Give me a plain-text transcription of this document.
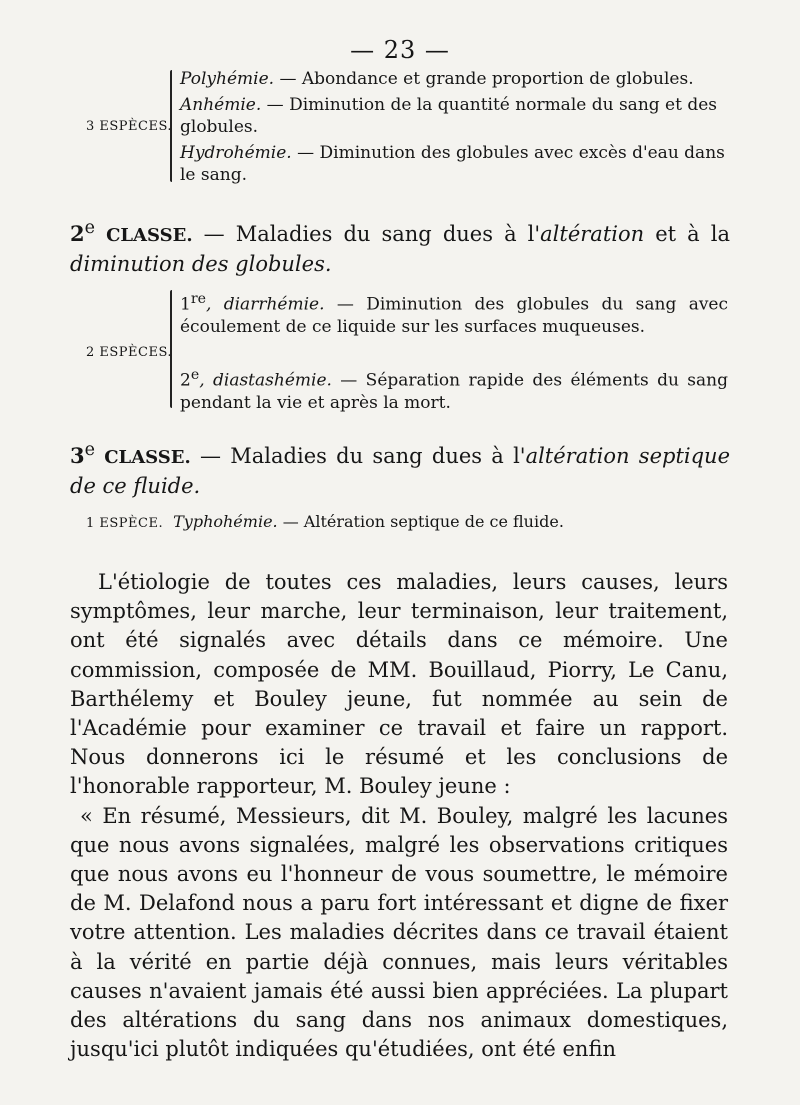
— 23 —
3 ESPÈCES.
Polyhémie. — Abondance et grande proportion de globules.
Anhémie. — Diminution de la quantité normale du sang et des globules.
Hydrohémie. — Diminution des globules avec excès d'eau dans le sang.
2e CLASSE. — Maladies du sang dues à l'altération et à la diminution des globules.
2 ESPÈCES.
1re, diarrhémie. — Diminution des globules du sang avec écoulement de ce liquide sur les surfaces muqueuses.
2e, diastashémie. — Séparation rapide des éléments du sang pendant la vie et après la mort.
3e CLASSE. — Maladies du sang dues à l'altération septique de ce fluide.
1 ESPÈCE. Typhohémie. — Altération septique de ce fluide.

L'étiologie de toutes ces maladies, leurs causes, leurs symptômes, leur marche, leur terminaison, leur traitement, ont été signalés avec détails dans ce mémoire. Une commission, composée de MM. Bouillaud, Piorry, Le Canu, Barthélemy et Bouley jeune, fut nommée au sein de l'Académie pour examiner ce travail et faire un rapport. Nous donnerons ici le résumé et les conclusions de l'honorable rapporteur, M. Bouley jeune :

« En résumé, Messieurs, dit M. Bouley, malgré les lacunes que nous avons signalées, malgré les observations critiques que nous avons eu l'honneur de vous soumettre, le mémoire de M. Delafond nous a paru fort intéressant et digne de fixer votre attention. Les maladies décrites dans ce travail étaient à la vérité en partie déjà connues, mais leurs véritables causes n'avaient jamais été aussi bien appréciées. La plupart des altérations du sang dans nos animaux domestiques, jusqu'ici plutôt indiquées qu'étudiées, ont été enfin
